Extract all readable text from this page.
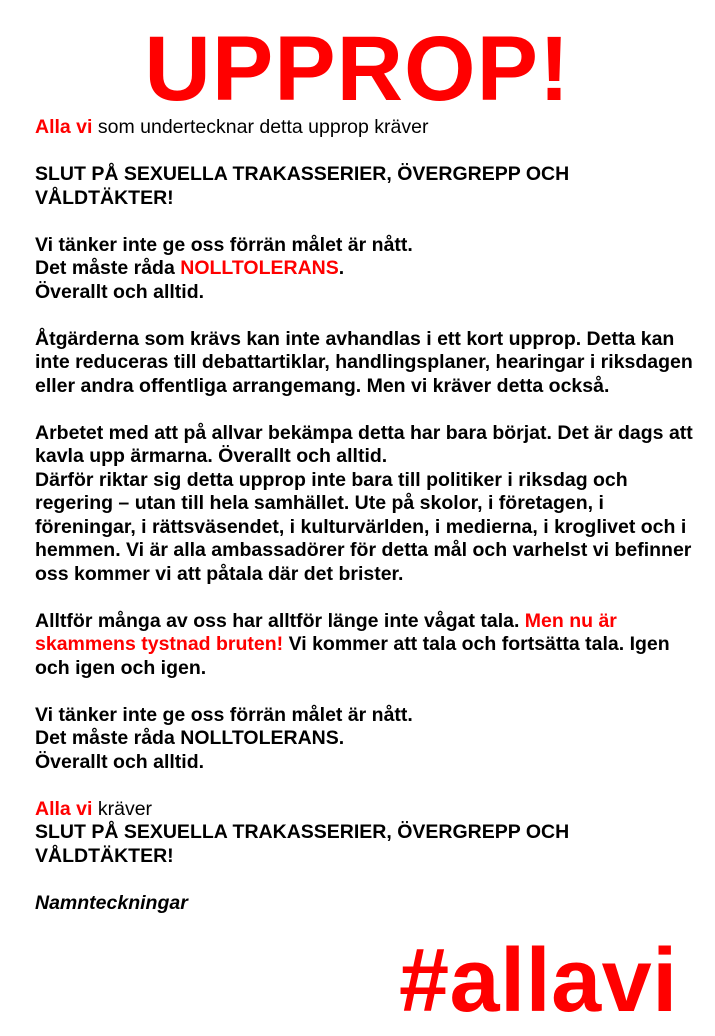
UPPROP!

Alla vi som undertecknar detta upprop kräver

SLUT PÅ SEXUELLA TRAKASSERIER, ÖVERGREPP OCH VÅLDTÄKTER!

Vi tänker inte ge oss förrän målet är nått.
Det måste råda NOLLTOLERANS.
Överallt och alltid.

Åtgärderna som krävs kan inte avhandlas i ett kort upprop. Detta kan inte reduceras till debattartiklar, handlingsplaner, hearingar i riksdagen eller andra offentliga arrangemang. Men vi kräver detta också.

Arbetet med att på allvar bekämpa detta har bara börjat. Det är dags att kavla upp ärmarna. Överallt och alltid.

Därför riktar sig detta upprop inte bara till politiker i riksdag och regering – utan till hela samhället. Ute på skolor, i företagen, i föreningar, i rättsväsendet, i kulturvärlden, i medierna, i kroglivet och i hemmen. Vi är alla ambassadörer för detta mål och varhelst vi befinner oss kommer vi att påtala där det brister.

Alltför många av oss har alltför länge inte vågat tala. Men nu är skammens tystnad bruten! Vi kommer att tala och fortsätta tala. Igen och igen och igen.

Vi tänker inte ge oss förrän målet är nått.
Det måste råda NOLLTOLERANS.
Överallt och alltid.

Alla vi kräver
SLUT PÅ SEXUELLA TRAKASSERIER, ÖVERGREPP OCH VÅLDTÄKTER!

Namnteckningar

#allavi
